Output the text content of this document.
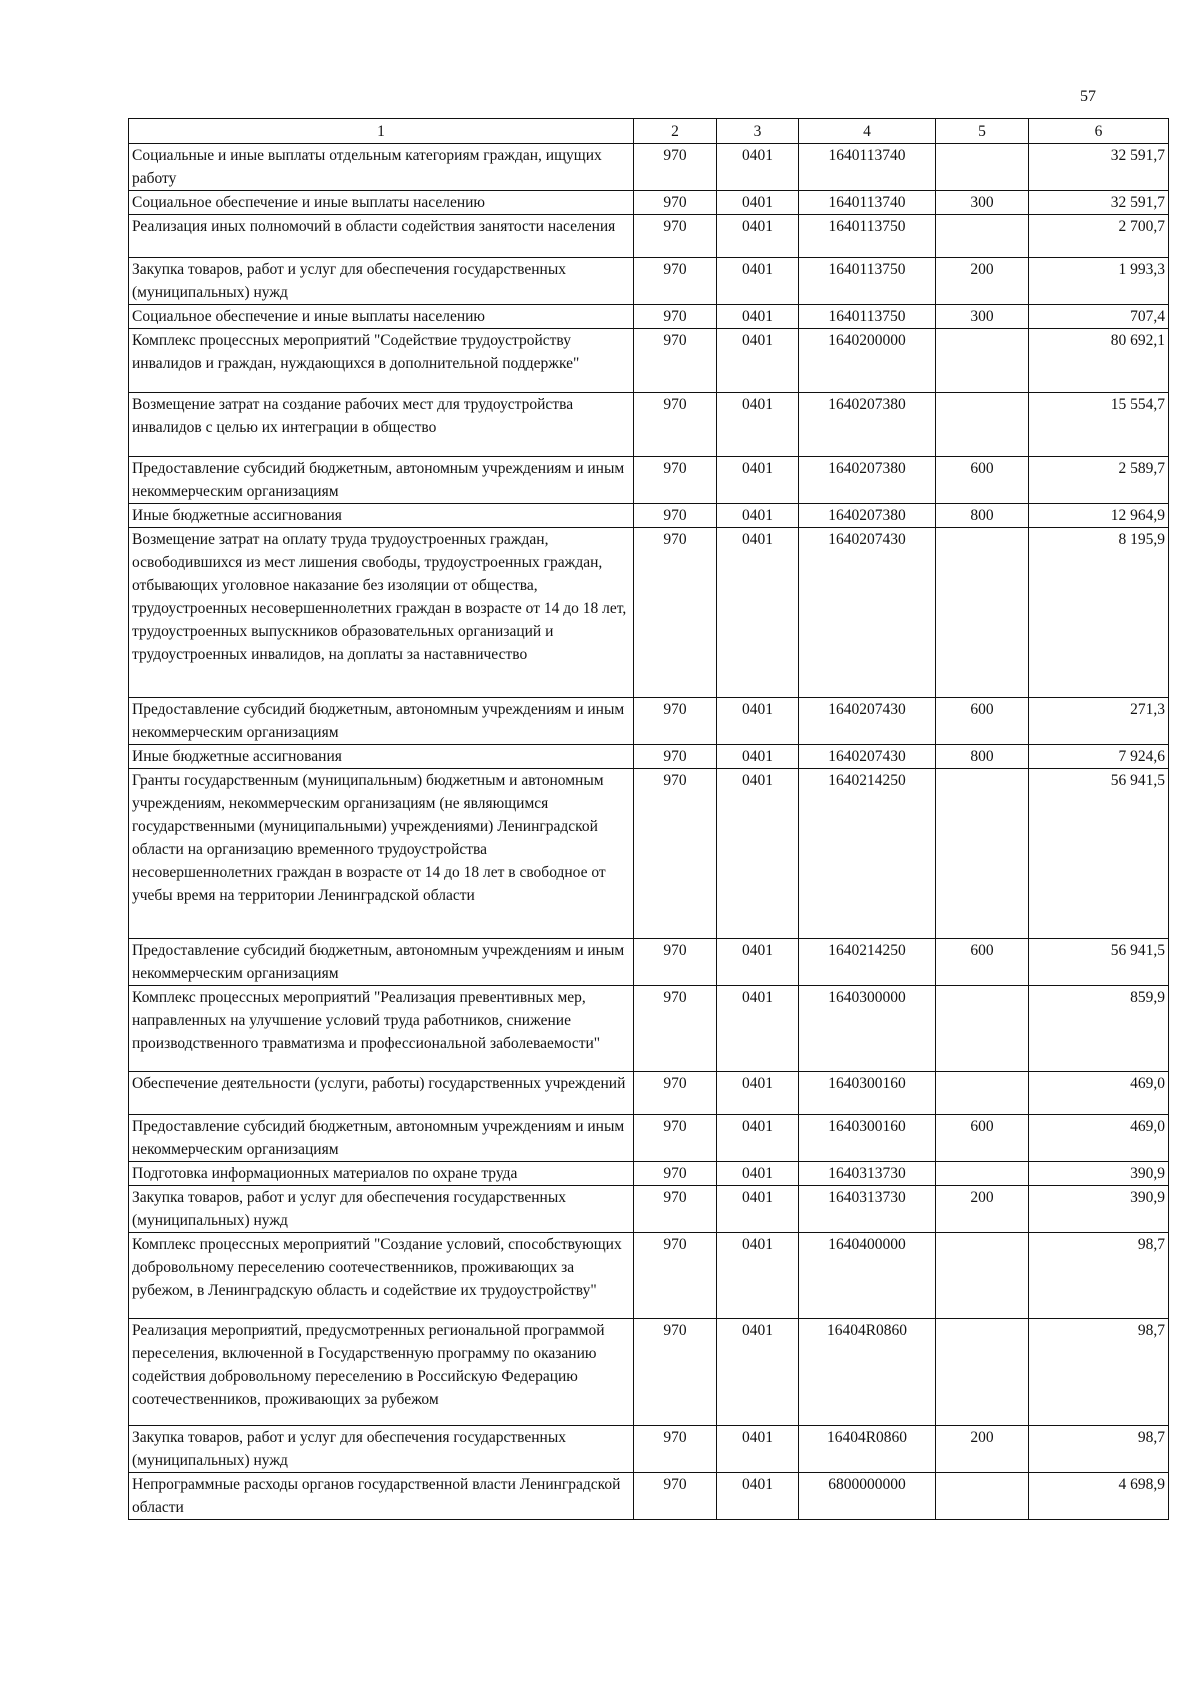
57
1	2	3	4	5	6
Социальные и иные выплаты отдельным категориям граждан, ищущих работу	970	0401	1640113740		32 591,7
Социальное обеспечение и иные выплаты населению	970	0401	1640113740	300	32 591,7
Реализация иных полномочий в области содействия занятости населения	970	0401	1640113750		2 700,7
Закупка товаров, работ и услуг для обеспечения государственных (муниципальных) нужд	970	0401	1640113750	200	1 993,3
Социальное обеспечение и иные выплаты населению	970	0401	1640113750	300	707,4
Комплекс процессных мероприятий "Содействие трудоустройству инвалидов и граждан, нуждающихся в дополнительной поддержке"	970	0401	1640200000		80 692,1
Возмещение затрат на создание рабочих мест для трудоустройства инвалидов с целью их интеграции в общество	970	0401	1640207380		15 554,7
Предоставление субсидий бюджетным, автономным учреждениям и иным некоммерческим организациям	970	0401	1640207380	600	2 589,7
Иные бюджетные ассигнования	970	0401	1640207380	800	12 964,9
Возмещение затрат на оплату труда трудоустроенных граждан, освободившихся из мест лишения свободы, трудоустроенных граждан, отбывающих уголовное наказание без изоляции от общества, трудоустроенных несовершеннолетних граждан в возрасте от 14 до 18 лет, трудоустроенных выпускников образовательных организаций и трудоустроенных инвалидов, на доплаты за наставничество	970	0401	1640207430		8 195,9
Предоставление субсидий бюджетным, автономным учреждениям и иным некоммерческим организациям	970	0401	1640207430	600	271,3
Иные бюджетные ассигнования	970	0401	1640207430	800	7 924,6
Гранты государственным (муниципальным) бюджетным и автономным учреждениям, некоммерческим организациям (не являющимся государственными (муниципальными) учреждениями) Ленинградской области на организацию временного трудоустройства несовершеннолетних граждан в возрасте от 14 до 18 лет в свободное от учебы время на территории Ленинградской области	970	0401	1640214250		56 941,5
Предоставление субсидий бюджетным, автономным учреждениям и иным некоммерческим организациям	970	0401	1640214250	600	56 941,5
Комплекс процессных мероприятий "Реализация превентивных мер, направленных на улучшение условий труда работников, снижение производственного травматизма и профессиональной заболеваемости"	970	0401	1640300000		859,9
Обеспечение деятельности (услуги, работы) государственных учреждений	970	0401	1640300160		469,0
Предоставление субсидий бюджетным, автономным учреждениям и иным некоммерческим организациям	970	0401	1640300160	600	469,0
Подготовка информационных материалов по охране труда	970	0401	1640313730		390,9
Закупка товаров, работ и услуг для обеспечения государственных (муниципальных) нужд	970	0401	1640313730	200	390,9
Комплекс процессных мероприятий "Создание условий, способствующих добровольному переселению соотечественников, проживающих за рубежом, в Ленинградскую область и содействие их трудоустройству"	970	0401	1640400000		98,7
Реализация мероприятий, предусмотренных региональной программой переселения, включенной в Государственную программу по оказанию содействия добровольному переселению в Российскую Федерацию соотечественников, проживающих за рубежом	970	0401	16404R0860		98,7
Закупка товаров, работ и услуг для обеспечения государственных (муниципальных) нужд	970	0401	16404R0860	200	98,7
Непрограммные расходы органов государственной власти Ленинградской области	970	0401	6800000000		4 698,9
